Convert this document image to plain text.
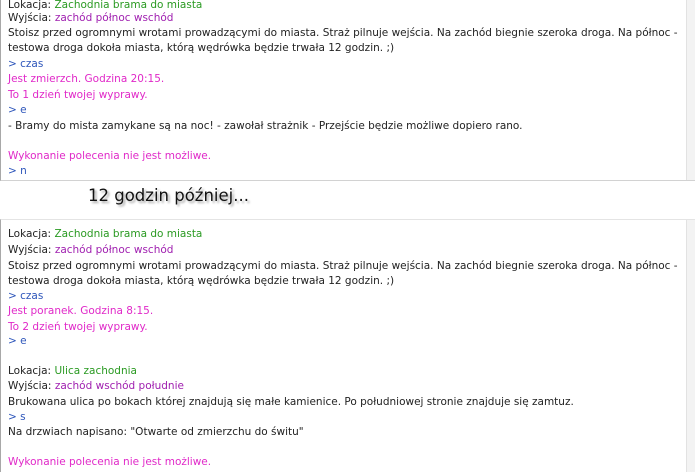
Lokacja: Zachodnia brama do miasta
Wyjścia: zachód północ wschód
Stoisz przed ogromnymi wrotami prowadzącymi do miasta. Straż pilnuje wejścia. Na zachód biegnie szeroka droga. Na północ - testowa droga dokoła miasta, którą wędrówka będzie trwała 12 godzin. ;)
> czas
Jest zmierzch. Godzina 20:15.
To 1 dzień twojej wyprawy.
> e
- Bramy do mista zamykane są na noc! - zawołał strażnik - Przejście będzie możliwe dopiero rano.
Wykonanie polecenia nie jest możliwe.
> n
12 godzin później...
Lokacja: Zachodnia brama do miasta
Wyjścia: zachód północ wschód
Stoisz przed ogromnymi wrotami prowadzącymi do miasta. Straż pilnuje wejścia. Na zachód biegnie szeroka droga. Na północ - testowa droga dokoła miasta, którą wędrówka będzie trwała 12 godzin. ;)
> czas
Jest poranek. Godzina 8:15.
To 2 dzień twojej wyprawy.
> e
Lokacja: Ulica zachodnia
Wyjścia: zachód wschód południe
Brukowana ulica po bokach której znajdują się małe kamienice. Po południowej stronie znajduje się zamtuz.
> s
Na drzwiach napisano: "Otwarte od zmierzchu do świtu"
Wykonanie polecenia nie jest możliwe.
